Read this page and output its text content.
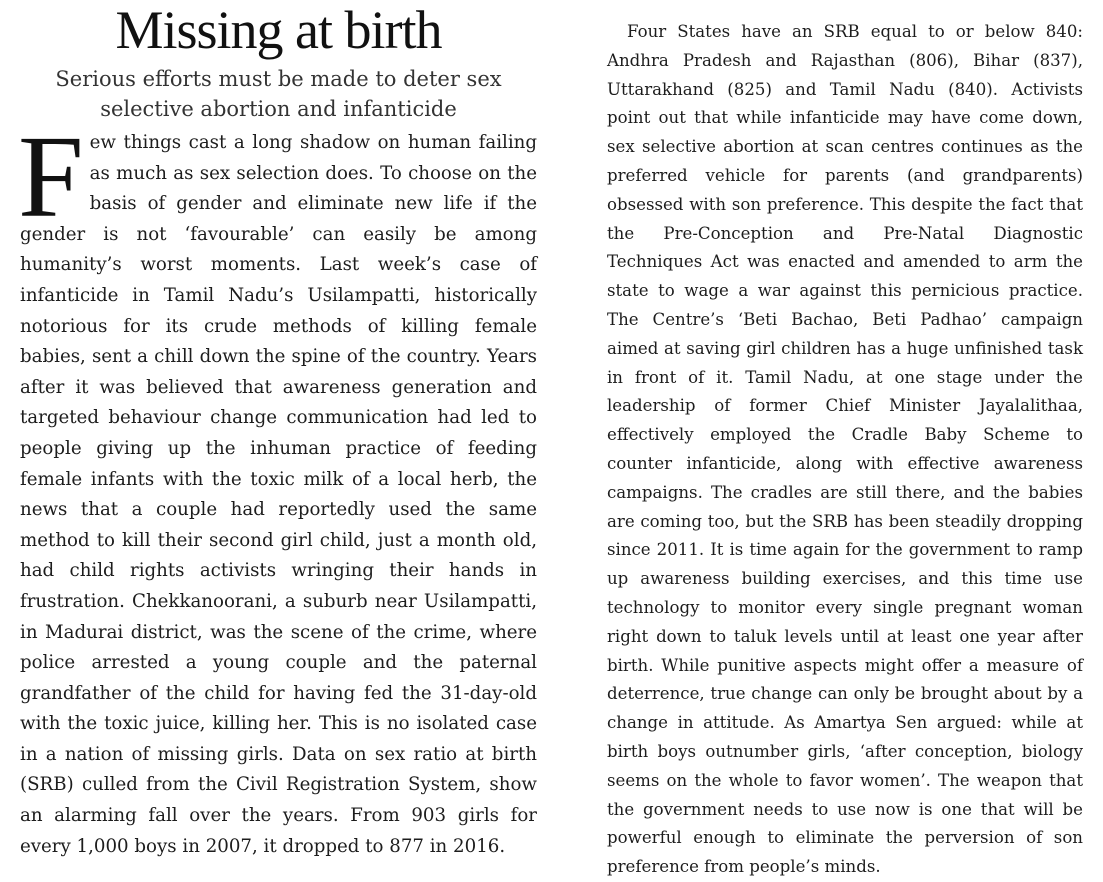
Missing at birth

Serious efforts must be made to deter sex selective abortion and infanticide

Few things cast a long shadow on human failing as much as sex selection does. To choose on the basis of gender and eliminate new life if the gender is not ‘favourable’ can easily be among humanity’s worst moments. Last week’s case of infanticide in Tamil Nadu’s Usilampatti, historically notorious for its crude methods of killing female babies, sent a chill down the spine of the country. Years after it was believed that awareness generation and targeted behaviour change communication had led to people giving up the inhuman practice of feeding female infants with the toxic milk of a local herb, the news that a couple had reportedly used the same method to kill their second girl child, just a month old, had child rights activists wringing their hands in frustration. Chekkanoorani, a suburb near Usilampatti, in Madurai district, was the scene of the crime, where police arrested a young couple and the paternal grandfather of the child for having fed the 31-day-old with the toxic juice, killing her. This is no isolated case in a nation of missing girls. Data on sex ratio at birth (SRB) culled from the Civil Registration System, show an alarming fall over the years. From 903 girls for every 1,000 boys in 2007, it dropped to 877 in 2016.

Four States have an SRB equal to or below 840: Andhra Pradesh and Rajasthan (806), Bihar (837), Uttarakhand (825) and Tamil Nadu (840). Activists point out that while infanticide may have come down, sex selective abortion at scan centres continues as the preferred vehicle for parents (and grandparents) obsessed with son preference. This despite the fact that the Pre-Conception and Pre-Natal Diagnostic Techniques Act was enacted and amended to arm the state to wage a war against this pernicious practice. The Centre’s ‘Beti Bachao, Beti Padhao’ campaign aimed at saving girl children has a huge unfinished task in front of it. Tamil Nadu, at one stage under the leadership of former Chief Minister Jayalalithaa, effectively employed the Cradle Baby Scheme to counter infanticide, along with effective awareness campaigns. The cradles are still there, and the babies are coming too, but the SRB has been steadily dropping since 2011. It is time again for the government to ramp up awareness building exercises, and this time use technology to monitor every single pregnant woman right down to taluk levels until at least one year after birth. While punitive aspects might offer a measure of deterrence, true change can only be brought about by a change in attitude. As Amartya Sen argued: while at birth boys outnumber girls, ‘after conception, biology seems on the whole to favor women’. The weapon that the government needs to use now is one that will be powerful enough to eliminate the perversion of son preference from people’s minds.
